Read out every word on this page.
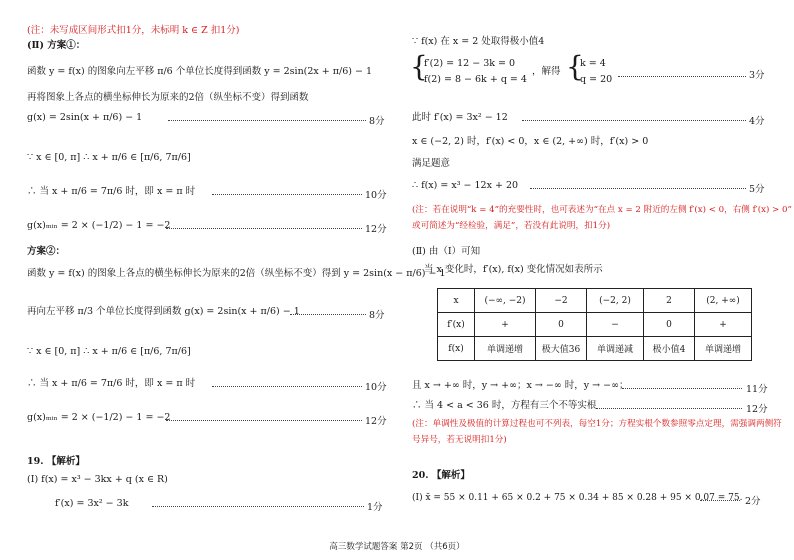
(注：未写成区间形式扣1分，未标明 k ∈ Z 扣1分)
(Ⅱ) 方案①：
函数 y = f(x) 的图象向左平移 π/6 个单位长度得到函数 y = 2sin(2x + π/6) − 1
再将图象上各点的横坐标伸长为原来的2倍（纵坐标不变）得到函数
g(x) = 2sin(x + π/6) − 1	8分
∵ x ∈ [0, π] ∴ x + π/6 ∈ [π/6, 7π/6]
∴ 当 x + π/6 = 7π/6 时，即 x = π 时	10分
g(x)ₘᵢₙ = 2 × (−1/2) − 1 = −2	12分
方案②：
函数 y = f(x) 的图象上各点的横坐标伸长为原来的2倍（纵坐标不变）得到 y = 2sin(x − π/6) − 1
再向左平移 π/3 个单位长度得到函数 g(x) = 2sin(x + π/6) − 1	8分
∵ x ∈ [0, π] ∴ x + π/6 ∈ [π/6, 7π/6]
∴ 当 x + π/6 = 7π/6 时，即 x = π 时	10分
g(x)ₘᵢₙ = 2 × (−1/2) − 1 = −2	12分
19. 【解析】
(Ⅰ) f(x) = x³ − 3kx + q (x ∈ R)
f′(x) = 3x² − 3k	1分
∵ f(x) 在 x = 2 处取得极小值4
{
f′(2) = 12 − 3k = 0
f(2) = 8 − 6k + q = 4
，解得 {
k = 4
q = 20	3分
此时 f′(x) = 3x² − 12	4分
x ∈ (−2, 2) 时，f′(x) < 0，x ∈ (2, +∞) 时，f′(x) > 0
满足题意
∴ f(x) = x³ − 12x + 20	5分
(注：若在说明“k = 4”的充要性时，也可表述为“在点 x = 2 附近的左侧 f′(x) < 0，右侧 f′(x) > 0”
或可简述为“经检验，满足”，若没有此说明，扣1分)
(Ⅱ) 由（Ⅰ）可知
当 x 变化时，f′(x), f(x) 变化情况如表所示
x	(−∞, −2)	−2	(−2, 2)	2	(2, +∞)
f′(x)	+	0	−	0	+
f(x)	单调递增	极大值36	单调递减	极小值4	单调递增
且 x → +∞ 时，y → +∞；x → −∞ 时，y → −∞；	11分
∴ 当 4 < a < 36 时，方程有三个不等实根	12分
(注：单调性及极值的计算过程也可不列表，每空1分；方程实根个数参照零点定理，需强调两侧符
号异号，若无说明扣1分)
20. 【解析】
(Ⅰ) x̄ = 55 × 0.11 + 65 × 0.2 + 75 × 0.34 + 85 × 0.28 + 95 × 0.07 = 75. 2分
高三数学试题答案 第2页 （共6页）
